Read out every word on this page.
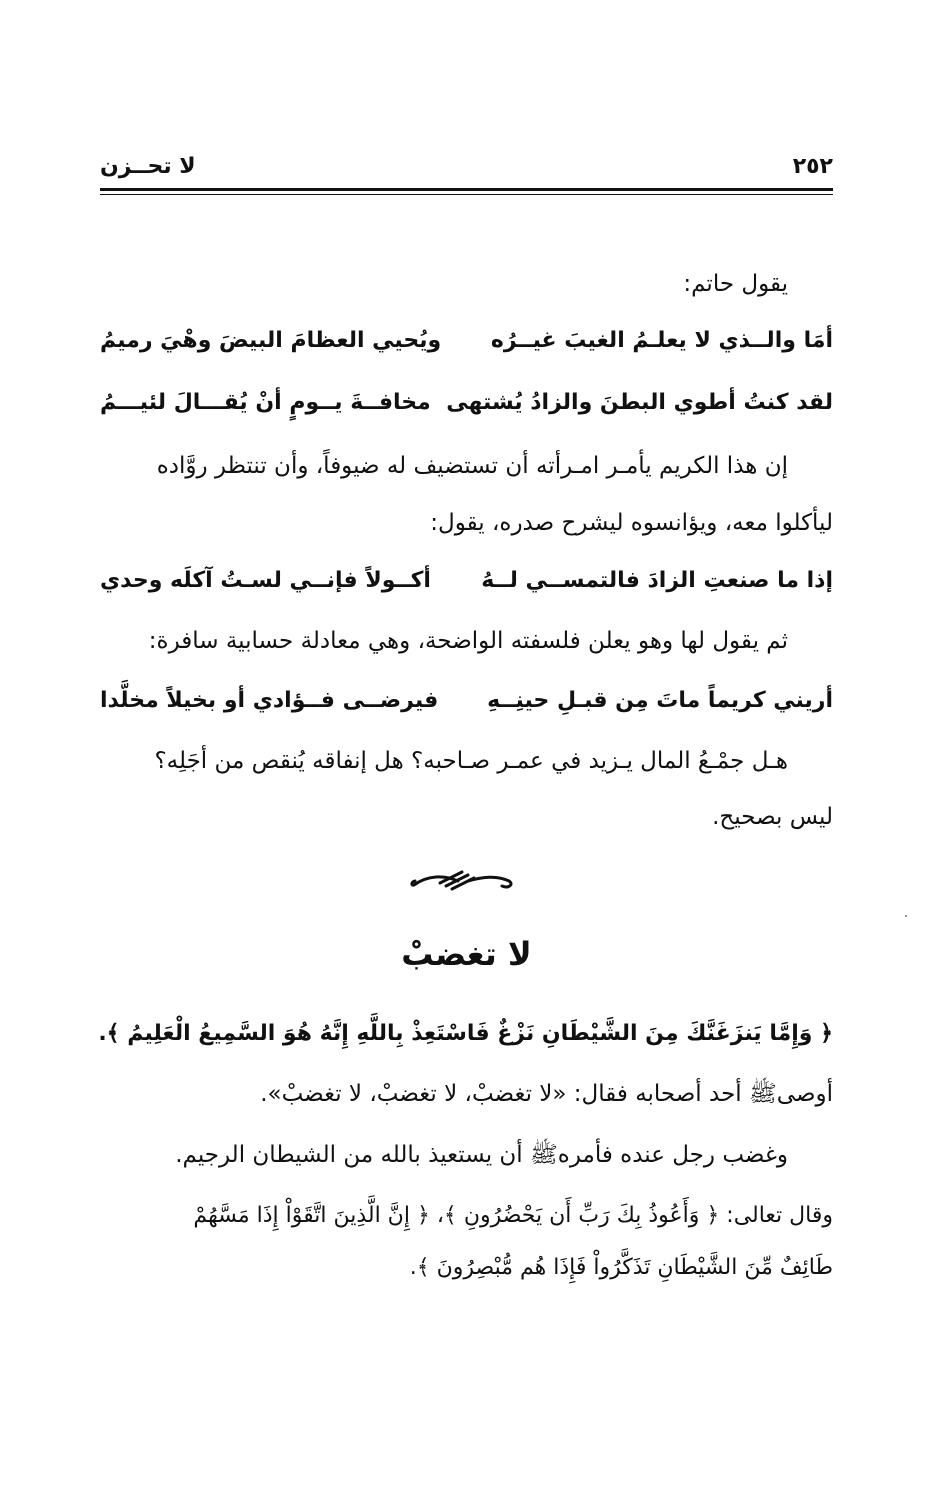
٢٥٢
لا تحــزن
يقول حاتم:
أمَا والــذي لا يعلـمُ الغيبَ غيــرُه
ويُحيي العظامَ البيضَ وهْيَ رميمُ
لقد كنتُ أطوي البطنَ والزادُ يُشتهى
مخافــةَ يــومٍ أنْ يُقـــالَ لئيـــمُ
إن هذا الكريم يأمـر امـرأته أن تستضيف له ضيوفاً، وأن تنتظر روَّاده
ليأكلوا معه، ويؤانسوه ليشرح صدره، يقول:
إذا ما صنعتِ الزادَ فالتمســي لــهُ
أكــولاً فإنــي لسـتُ آكلَه وحدي
ثم يقول لها وهو يعلن فلسفته الواضحة، وهي معادلة حسابية سافرة:
أريني كريماً ماتَ مِن قبـلِ حينِــهِ
فيرضــى فــؤادي أو بخيلاً مخلَّدا
هـل جمْـعُ المال يـزيد في عمـر صـاحبه؟ هل إنفاقه يُنقص من أجَلِه؟
ليس بصحيح.
لا تغضبْ
﴿ وَإِمَّا يَنزَغَنَّكَ مِنَ الشَّيْطَانِ نَزْغٌ فَاسْتَعِذْ بِاللَّهِ إِنَّهُ هُوَ السَّمِيعُ الْعَلِيمُ ﴾.
أوصىﷺ أحد أصحابه فقال: «لا تغضبْ، لا تغضبْ، لا تغضبْ».
وغضب رجل عنده فأمرهﷺ أن يستعيذ بالله من الشيطان الرجيم.
وقال تعالى: ﴿ وَأَعُوذُ بِكَ رَبِّ أَن يَحْضُرُونِ ﴾، ﴿ إِنَّ الَّذِينَ اتَّقَوْاْ إِذَا مَسَّهُمْ
طَائِفٌ مِّنَ الشَّيْطَانِ تَذَكَّرُواْ فَإِذَا هُم مُّبْصِرُونَ ﴾.
